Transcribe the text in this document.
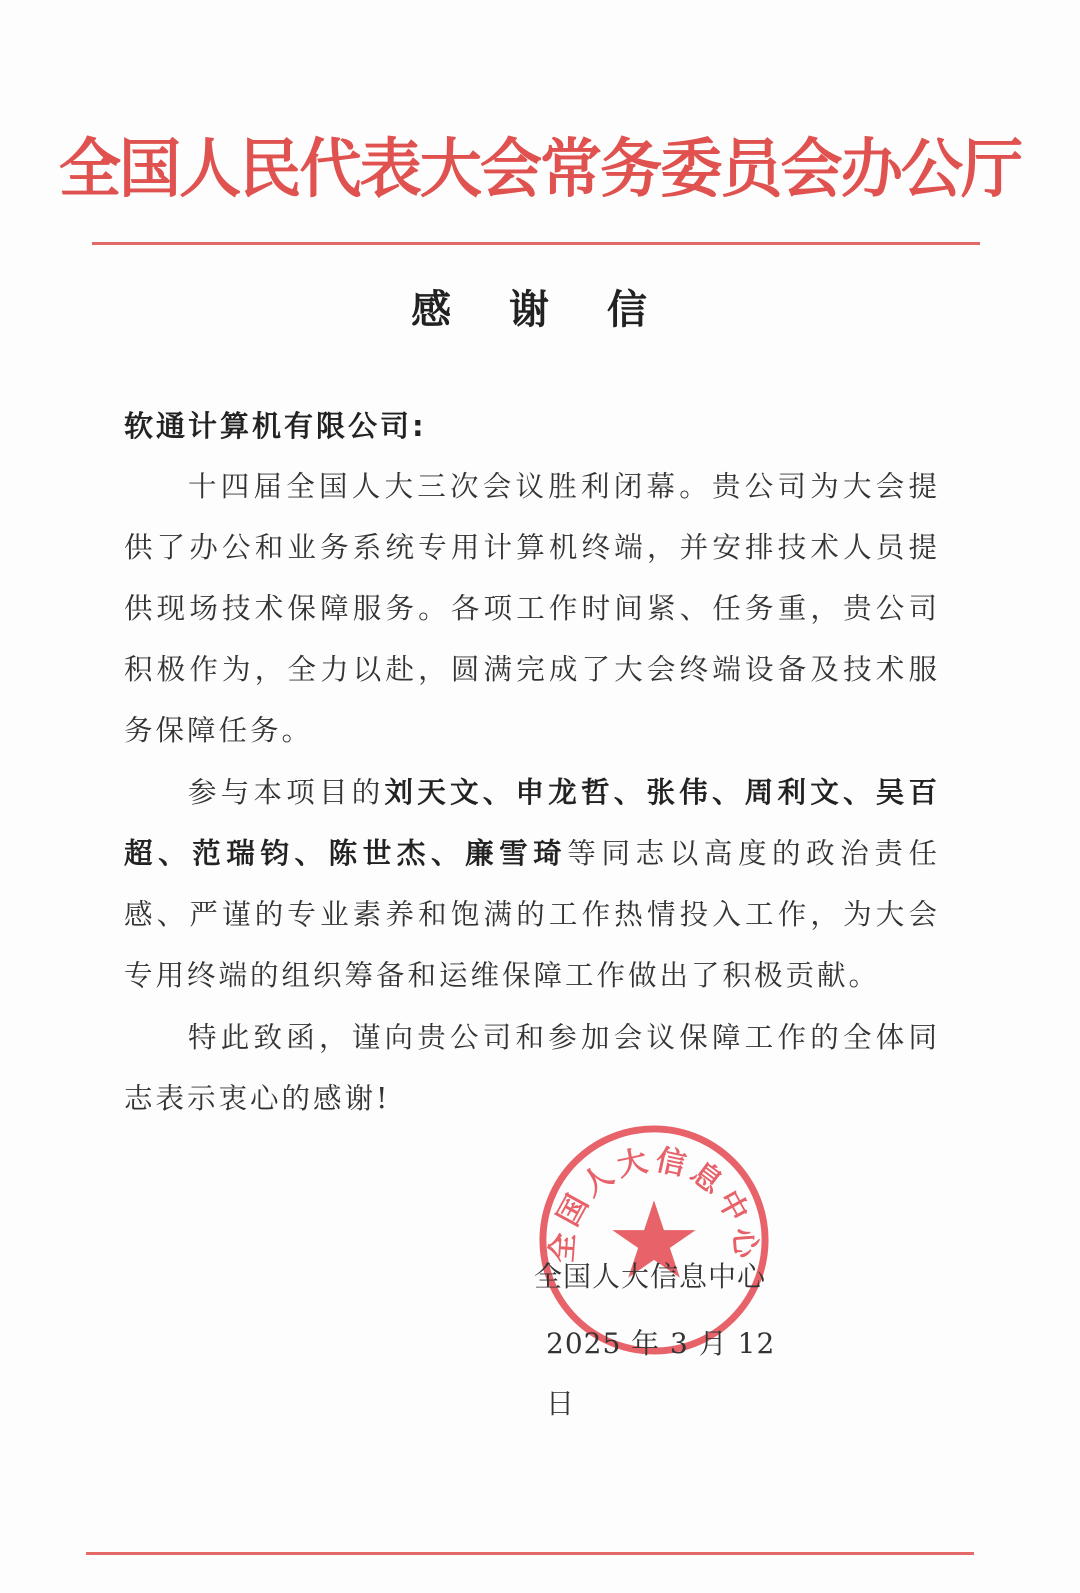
全国人民代表大会常务委员会办公厅
感 谢 信
软通计算机有限公司:

十四届全国人大三次会议胜利闭幕。贵公司为大会提供了办公和业务系统专用计算机终端，并安排技术人员提供现场技术保障服务。各项工作时间紧、任务重，贵公司积极作为，全力以赴，圆满完成了大会终端设备及技术服务保障任务。

参与本项目的刘天文、申龙哲、张伟、周利文、吴百超、范瑞钧、陈世杰、廉雪琦等同志以高度的政治责任感、严谨的专业素养和饱满的工作热情投入工作，为大会专用终端的组织筹备和运维保障工作做出了积极贡献。

特此致函，谨向贵公司和参加会议保障工作的全体同志表示衷心的感谢!

全国人大信息中心
全国人大信息中心
2025 年 3 月 12 日
